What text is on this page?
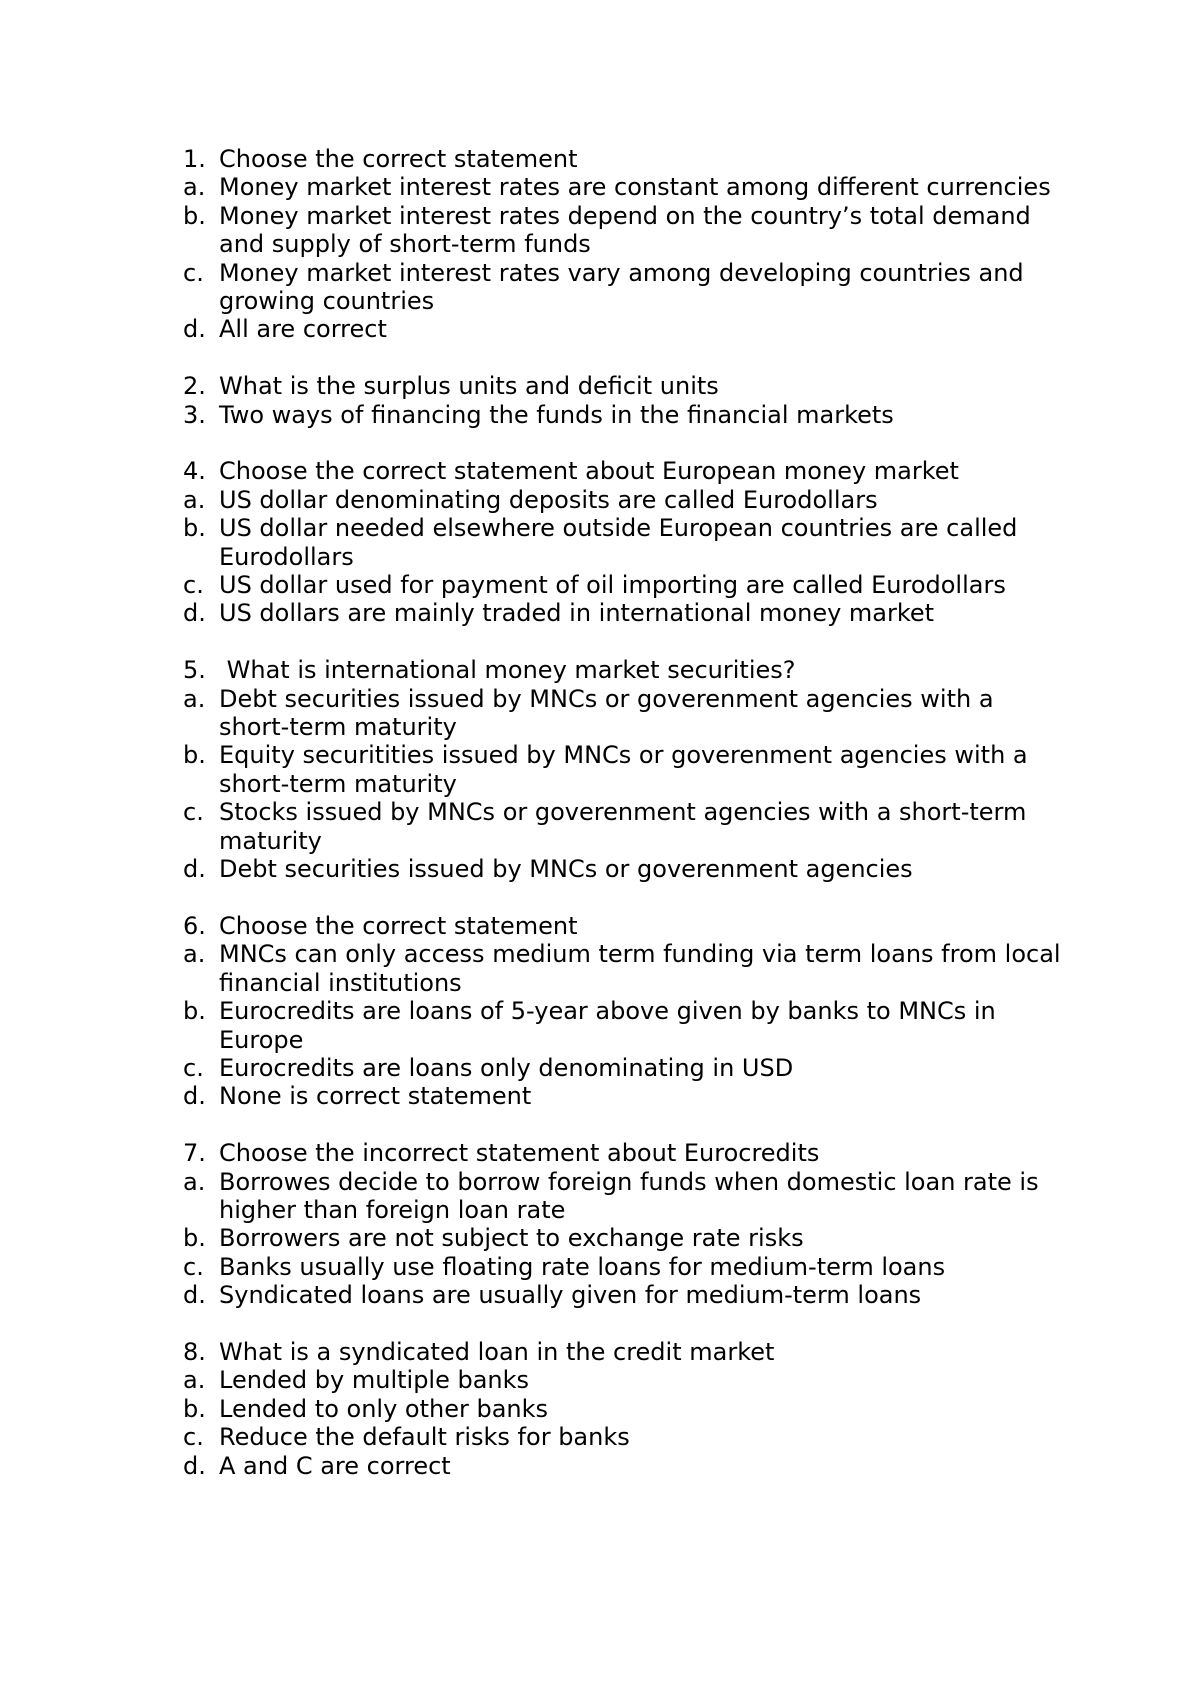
1. Choose the correct statement
a. Money market interest rates are constant among different currencies
b. Money market interest rates depend on the country’s total demand and supply of short-term funds
c. Money market interest rates vary among developing countries and growing countries
d. All are correct
2. What is the surplus units and deficit units
3. Two ways of financing the funds in the financial markets
4. Choose the correct statement about European money market
a. US dollar denominating deposits are called Eurodollars
b. US dollar needed elsewhere outside European countries are called Eurodollars
c. US dollar used for payment of oil importing are called Eurodollars
d. US dollars are mainly traded in international money market
5. What is international money market securities?
a. Debt securities issued by MNCs or goverenment agencies with a short-term maturity
b. Equity securitities issued by MNCs or goverenment agencies with a short-term maturity
c. Stocks issued by MNCs or goverenment agencies with a short-term maturity
d. Debt securities issued by MNCs or goverenment agencies
6. Choose the correct statement
a. MNCs can only access medium term funding via term loans from local financial institutions
b. Eurocredits are loans of 5-year above given by banks to MNCs in Europe
c. Eurocredits are loans only denominating in USD
d. None is correct statement
7. Choose the incorrect statement about Eurocredits
a. Borrowes decide to borrow foreign funds when domestic loan rate is higher than foreign loan rate
b. Borrowers are not subject to exchange rate risks
c. Banks usually use floating rate loans for medium-term loans
d. Syndicated loans are usually given for medium-term loans
8. What is a syndicated loan in the credit market
a. Lended by multiple banks
b. Lended to only other banks
c. Reduce the default risks for banks
d. A and C are correct
